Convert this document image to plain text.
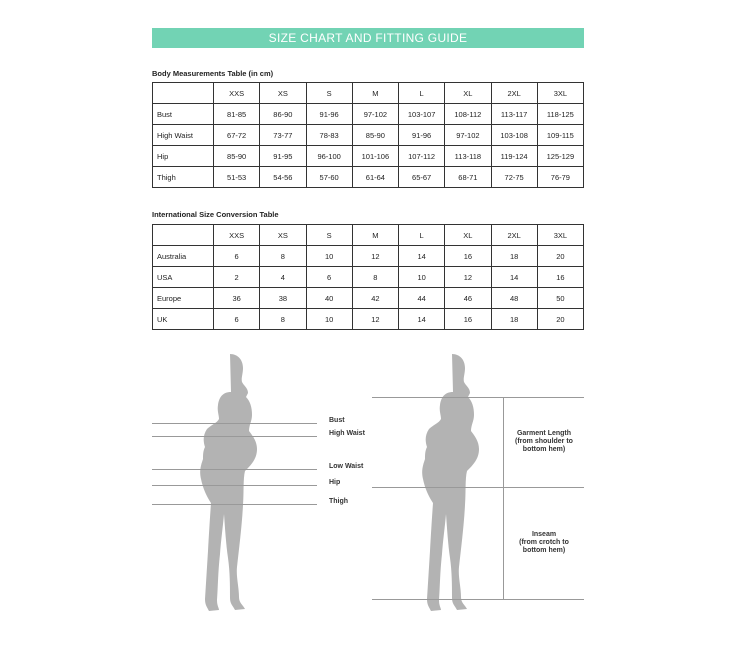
SIZE CHART AND FITTING GUIDE
Body Measurements Table (in cm)
	XXS	XS	S	M	L	XL	2XL	3XL
Bust	81-85	86-90	91-96	97-102	103-107	108-112	113-117	118-125
High Waist	67-72	73-77	78-83	85-90	91-96	97-102	103-108	109-115
Hip	85-90	91-95	96-100	101-106	107-112	113-118	119-124	125-129
Thigh	51-53	54-56	57-60	61-64	65-67	68-71	72-75	76-79
International Size Conversion Table
	XXS	XS	S	M	L	XL	2XL	3XL
Australia	6	8	10	12	14	16	18	20
USA	2	4	6	8	10	12	14	16
Europe	36	38	40	42	44	46	48	50
UK	6	8	10	12	14	16	18	20
Bust
High Waist
Low Waist
Hip
Thigh
Garment Length
(from shoulder to
bottom hem)
Inseam
(from crotch to
bottom hem)
